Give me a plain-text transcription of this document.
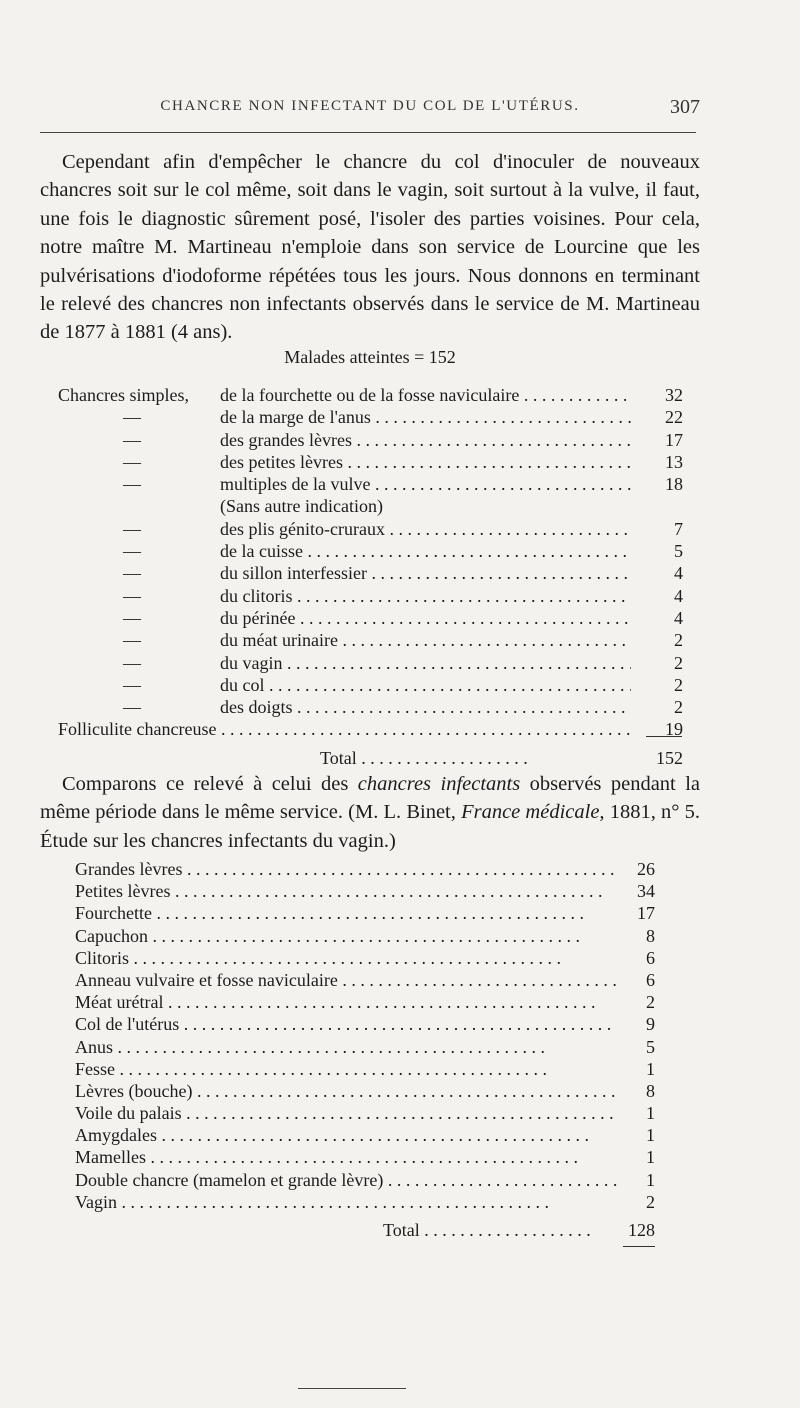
CHANCRE NON INFECTANT DU COL DE L'UTÉRUS.	307

Cependant afin d'empêcher le chancre du col d'inoculer de nouveaux chancres soit sur le col même, soit dans le vagin, soit surtout à la vulve, il faut, une fois le diagnostic sûrement posé, l'isoler des parties voisines. Pour cela, notre maître M. Martineau n'emploie dans son service de Lourcine que les pulvérisations d'iodoforme répétées tous les jours. Nous donnons en terminant le relevé des chancres non infectants observés dans le service de M. Martineau de 1877 à 1881 (4 ans).

Malades atteintes = 152
Chancres simples, de la fourchette ou de la fosse naviculaire . . .	32
—	de la marge de l'anus . . .	22
—	des grandes lèvres . . .	17
—	des petites lèvres . . .	13
—	multiples de la vulve . . .	18
(Sans autre indication)
—	des plis génito-cruraux . . .	7
—	de la cuisse . . .	5
—	du sillon interfessier . . .	4
—	du clitoris . . .	4
—	du périnée . . .	4
—	du méat urinaire . . .	2
—	du vagin . . .	2
—	du col . . .	2
—	des doigts . . .	2
Folliculite chancreuse . . .	19
Total . . .	152

Comparons ce relevé à celui des chancres infectants observés pendant la même période dans le même service. (M. L. Binet, France médicale, 1881, n° 5. Étude sur les chancres infectants du vagin.)

Grandes lèvres . . .	26
Petites lèvres . . .	34
Fourchette . . .	17
Capuchon . . .	8
Clitoris . . .	6
Anneau vulvaire et fosse naviculaire . . .	6
Méat urétral . . .	2
Col de l'utérus . . .	9
Anus . . .	5
Fesse . . .	1
Lèvres (bouche) . . .	8
Voile du palais . . .	1
Amygdales . . .	1
Mamelles . . .	1
Double chancre (mamelon et grande lèvre) . . .	1
Vagin . . .	2
Total . . .	128
